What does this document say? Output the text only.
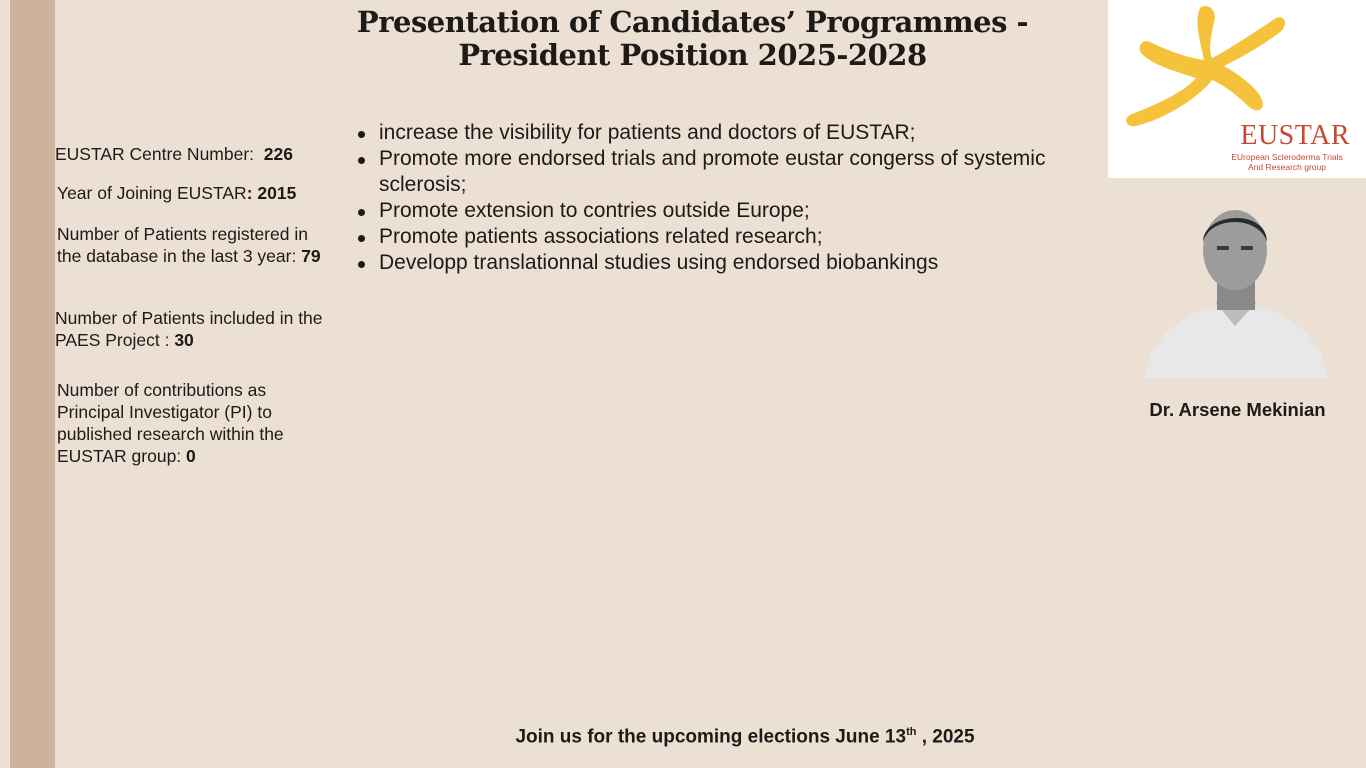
Presentation of Candidates’ Programmes -
President Position 2025-2028
EUSTAR
EUropean Scleroderma Trials
And Research group
EUSTAR Centre Number:  226
Year of Joining EUSTAR: 2015
Number of Patients registered in the database in the last 3 year: 79
Number of Patients included in the PAES Project : 30
Number of contributions as Principal Investigator (PI) to published research within the EUSTAR group: 0
increase the visibility for patients and doctors of EUSTAR;
Promote more endorsed trials and promote eustar congerss of systemic sclerosis;
Promote extension to contries outside Europe;
Promote patients associations related research;
Developp translationnal studies using endorsed biobankings
Dr. Arsene Mekinian
Join us for the upcoming elections June 13th , 2025
